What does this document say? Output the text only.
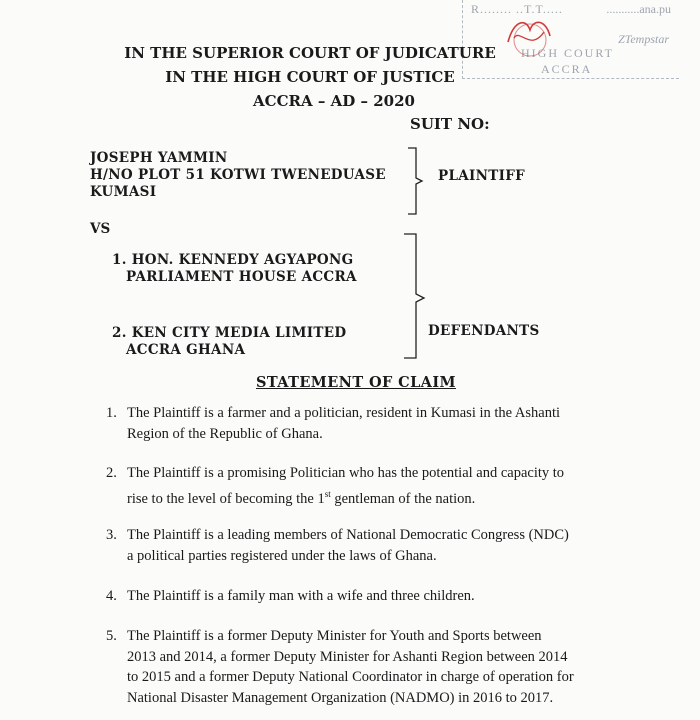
R........ ..T.T.....	...........ana.pu
ZTempstar
HIGH COURT
ACCRA
IN THE SUPERIOR COURT OF JUDICATURE
IN THE HIGH COURT OF JUSTICE
ACCRA – AD – 2020
SUIT NO:
JOSEPH YAMMIN
H/NO PLOT 51 KOTWI TWENEDUASE
KUMASI
PLAINTIFF
VS
1. HON. KENNEDY AGYAPONG
PARLIAMENT HOUSE ACCRA
2. KEN CITY MEDIA LIMITED
ACCRA GHANA
DEFENDANTS
STATEMENT OF CLAIM
1. The Plaintiff is a farmer and a politician, resident in Kumasi in the Ashanti
Region of the Republic of Ghana.
2. The Plaintiff is a promising Politician who has the potential and capacity to
rise to the level of becoming the 1st gentleman of the nation.
3. The Plaintiff is a leading members of National Democratic Congress (NDC)
a political parties registered under the laws of Ghana.
4. The Plaintiff is a family man with a wife and three children.
5. The Plaintiff is a former Deputy Minister for Youth and Sports between
2013 and 2014, a former Deputy Minister for Ashanti Region between 2014
to 2015 and a former Deputy National Coordinator in charge of operation for
National Disaster Management Organization (NADMO) in 2016 to 2017.
